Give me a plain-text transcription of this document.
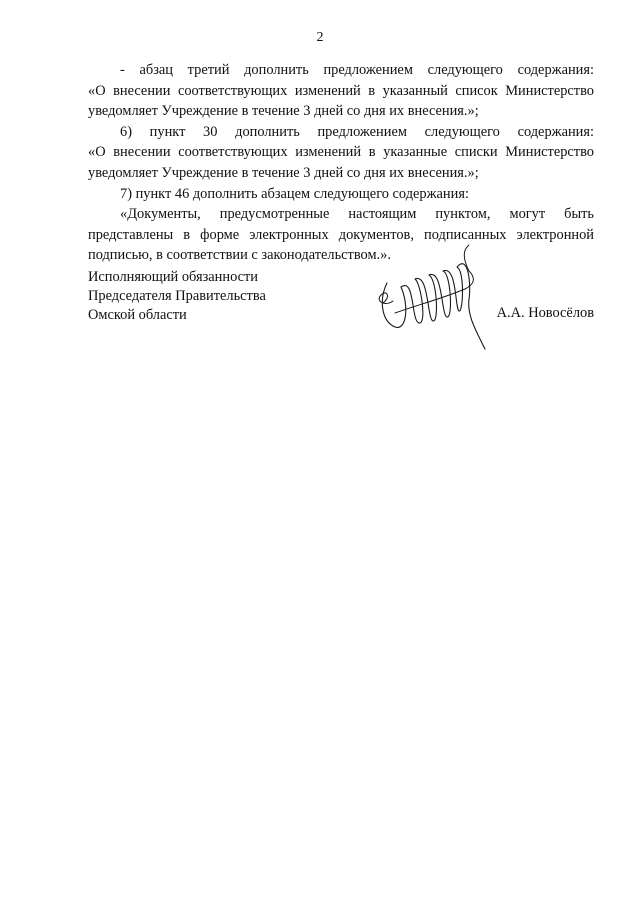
2

- абзац третий дополнить предложением следующего содержания:

«О внесении соответствующих изменений в указанный список Министерство уведомляет Учреждение в течение 3 дней со дня их внесения.»;

6) пункт 30 дополнить предложением следующего содержания:

«О внесении соответствующих изменений в указанные списки Министерство уведомляет Учреждение в течение 3 дней со дня их внесения.»;

7) пункт 46 дополнить абзацем следующего содержания:

«Документы, предусмотренные настоящим пунктом, могут быть представлены в форме электронных документов, подписанных электронной подписью, в соответствии с законодательством.».

Исполняющий обязанности
Председателя Правительства
Омской области	А.А. Новосёлов
